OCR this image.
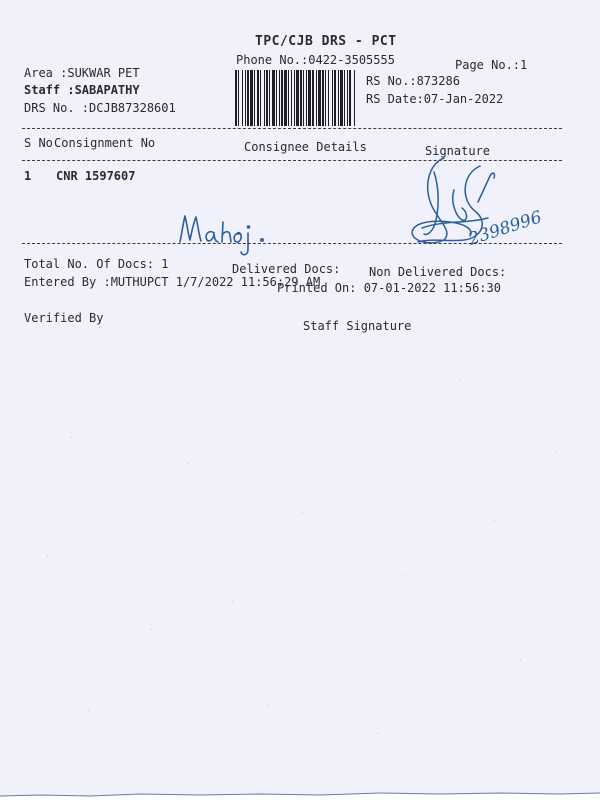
TPC/CJB DRS - PCT
Phone No.:0422-3505555	Page No.:1
Area :SUKWAR PET
Staff :SABAPATHY
DRS No. :DCJB87328601
RS No.:873286
RS Date:07-Jan-2022
S No Consignment No	Consignee Details	Signature
1 CNR 1597607
Manoj.
2398996
2398996
Total No. Of Docs: 1	Delivered Docs: Non Delivered Docs:
Entered By :MUTHUPCT 1/7/2022 11:56:29 AM
Printed On: 07-01-2022 11:56:30
Verified By
Staff Signature
